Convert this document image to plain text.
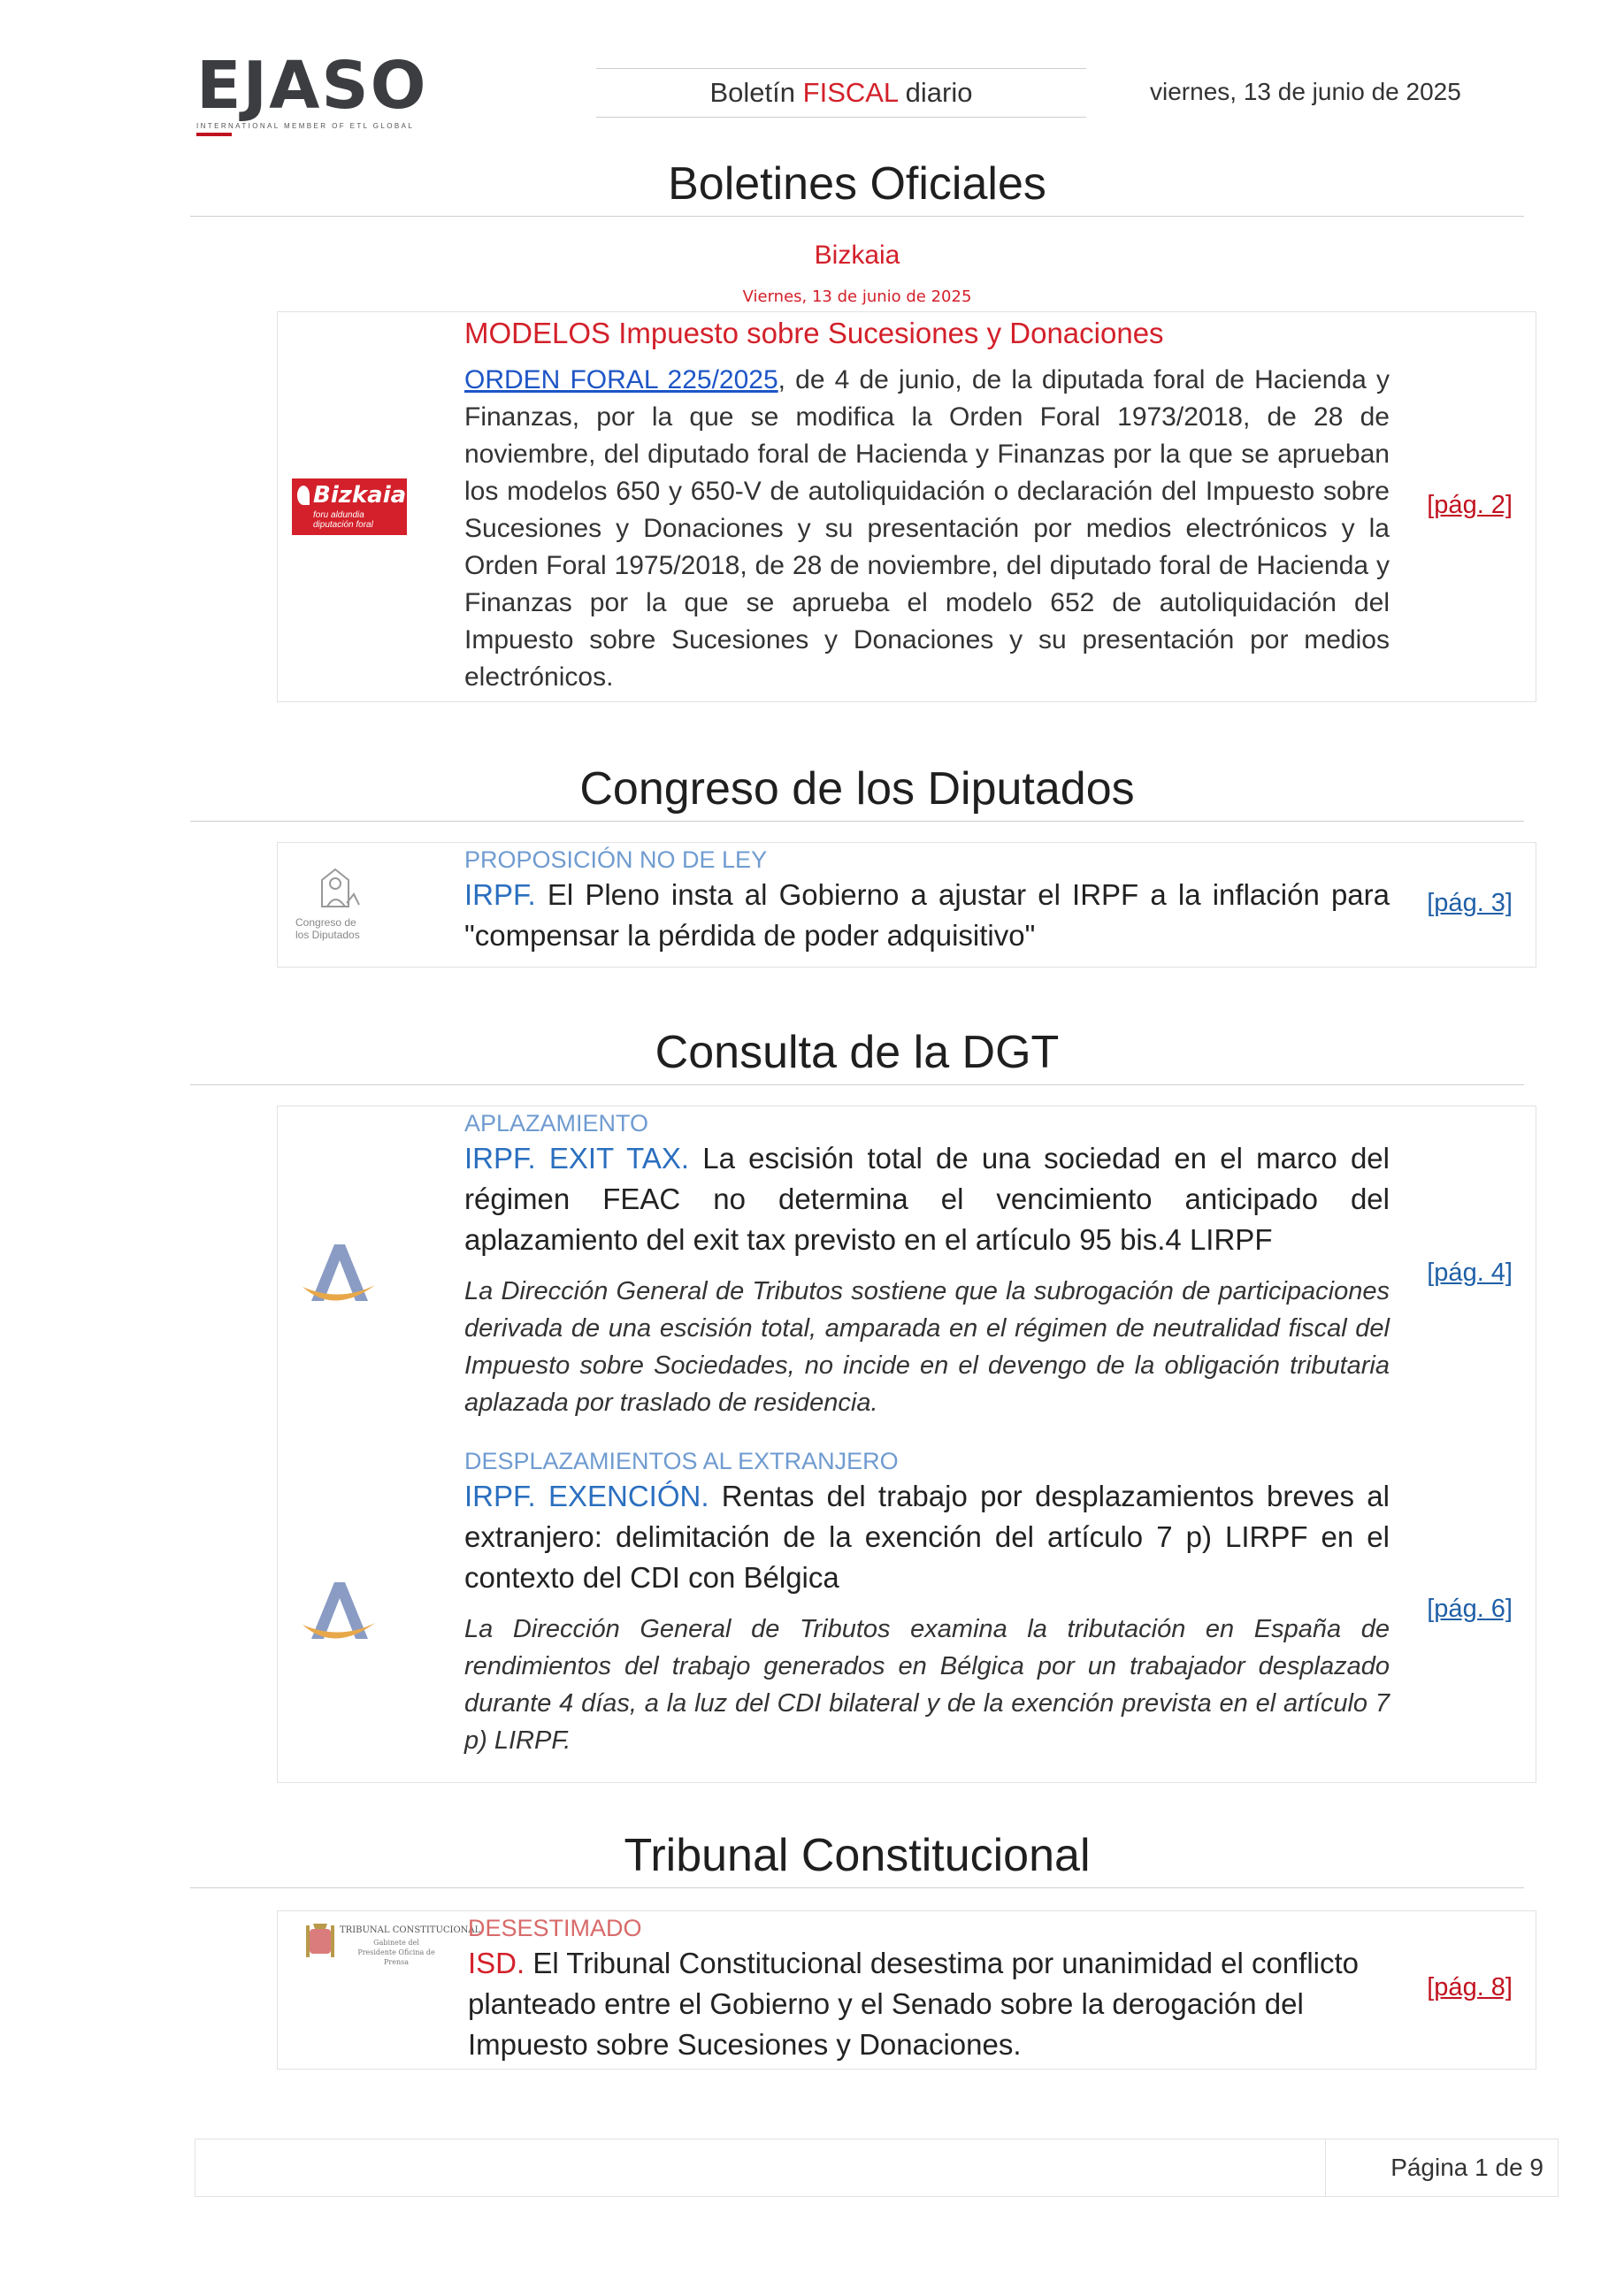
EJASO
INTERNATIONAL MEMBER OF ETL GLOBAL
Boletín FISCAL diario	viernes, 13 de junio de 2025
Boletines Oficiales
Bizkaia
Viernes, 13 de junio de 2025
Bizkaia
foru aldundia diputación foral
MODELOS Impuesto sobre Sucesiones y Donaciones
ORDEN FORAL 225/2025, de 4 de junio, de la diputada foral de Hacienda y Finanzas, por la que se modifica la Orden Foral 1973/2018, de 28 de noviembre, del diputado foral de Hacienda y Finanzas por la que se aprueban los modelos 650 y 650-V de autoliquidación o declaración del Impuesto sobre Sucesiones y Donaciones y su presentación por medios electrónicos y la Orden Foral 1975/2018, de 28 de noviembre, del diputado foral de Hacienda y Finanzas por la que se aprueba el modelo 652 de autoliquidación del Impuesto sobre Sucesiones y Donaciones y su presentación por medios electrónicos.
[pág. 2]
Congreso de los Diputados
Congreso de los Diputados
PROPOSICIÓN NO DE LEY
IRPF. El Pleno insta al Gobierno a ajustar el IRPF a la inflación para "compensar la pérdida de poder adquisitivo"
[pág. 3]
Consulta de la DGT
APLAZAMIENTO
IRPF. EXIT TAX. La escisión total de una sociedad en el marco del régimen FEAC no determina el vencimiento anticipado del aplazamiento del exit tax previsto en el artículo 95 bis.4 LIRPF
La Dirección General de Tributos sostiene que la subrogación de participaciones derivada de una escisión total, amparada en el régimen de neutralidad fiscal del Impuesto sobre Sociedades, no incide en el devengo de la obligación tributaria aplazada por traslado de residencia.
[pág. 4]
DESPLAZAMIENTOS AL EXTRANJERO
IRPF. EXENCIÓN. Rentas del trabajo por desplazamientos breves al extranjero: delimitación de la exención del artículo 7 p) LIRPF en el contexto del CDI con Bélgica
La Dirección General de Tributos examina la tributación en España de rendimientos del trabajo generados en Bélgica por un trabajador desplazado durante 4 días, a la luz del CDI bilateral y de la exención prevista en el artículo 7 p) LIRPF.
[pág. 6]
Tribunal Constitucional
TRIBUNAL CONSTITUCIONAL
Gabinete del Presidente Oficina de Prensa
DESESTIMADO
ISD. El Tribunal Constitucional desestima por unanimidad el conflicto planteado entre el Gobierno y el Senado sobre la derogación del Impuesto sobre Sucesiones y Donaciones.
[pág. 8]
Página 1 de 9
